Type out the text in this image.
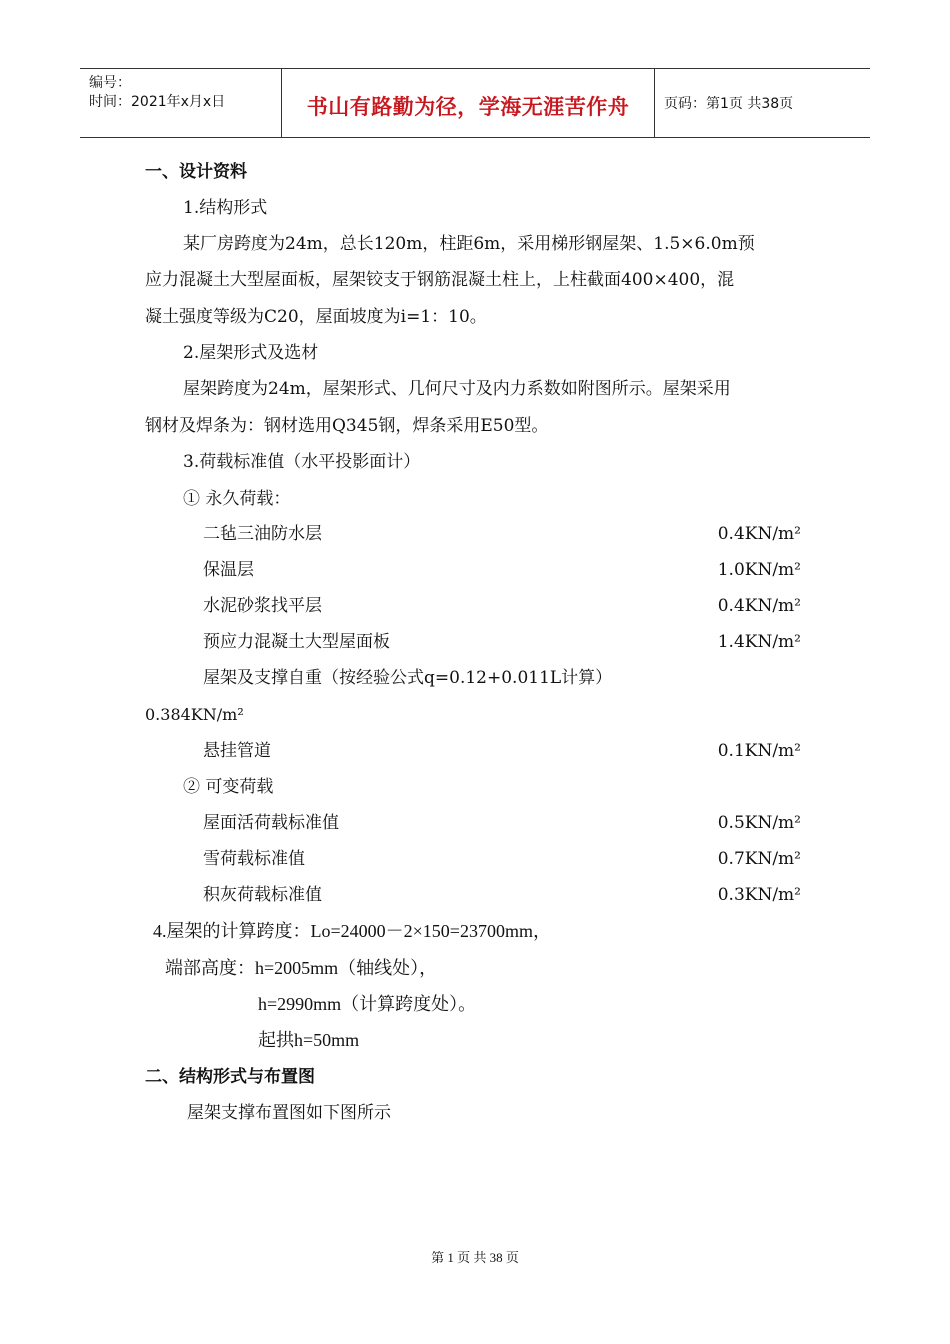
编号：
时间：2021年x月x日	书山有路勤为径，学海无涯苦作舟	页码：第1页 共38页
一、设计资料
1.结构形式
某厂房跨度为24m，总长120m，柱距6m，采用梯形钢屋架、1.5×6.0m预
应力混凝土大型屋面板，屋架铰支于钢筋混凝土柱上，上柱截面400×400，混
凝土强度等级为C20，屋面坡度为i=1：10。
2.屋架形式及选材
屋架跨度为24m，屋架形式、几何尺寸及内力系数如附图所示。屋架采用
钢材及焊条为：钢材选用Q345钢，焊条采用E50型。
3.荷载标准值（水平投影面计）
① 永久荷载：
二毡三油防水层	0.4KN/m²
保温层	1.0KN/m²
水泥砂浆找平层	0.4KN/m²
预应力混凝土大型屋面板	1.4KN/m²
屋架及支撑自重（按经验公式q=0.12+0.011L计算）
0.384KN/m²
悬挂管道	0.1KN/m²
② 可变荷载
屋面活荷载标准值	0.5KN/m²
雪荷载标准值	0.7KN/m²
积灰荷载标准值	0.3KN/m²
4.屋架的计算跨度：Lo=24000－2×150=23700mm，
端部高度：h=2005mm（轴线处），
h=2990mm（计算跨度处）。
起拱h=50mm
二、结构形式与布置图
屋架支撑布置图如下图所示
第 1 页 共 38 页
